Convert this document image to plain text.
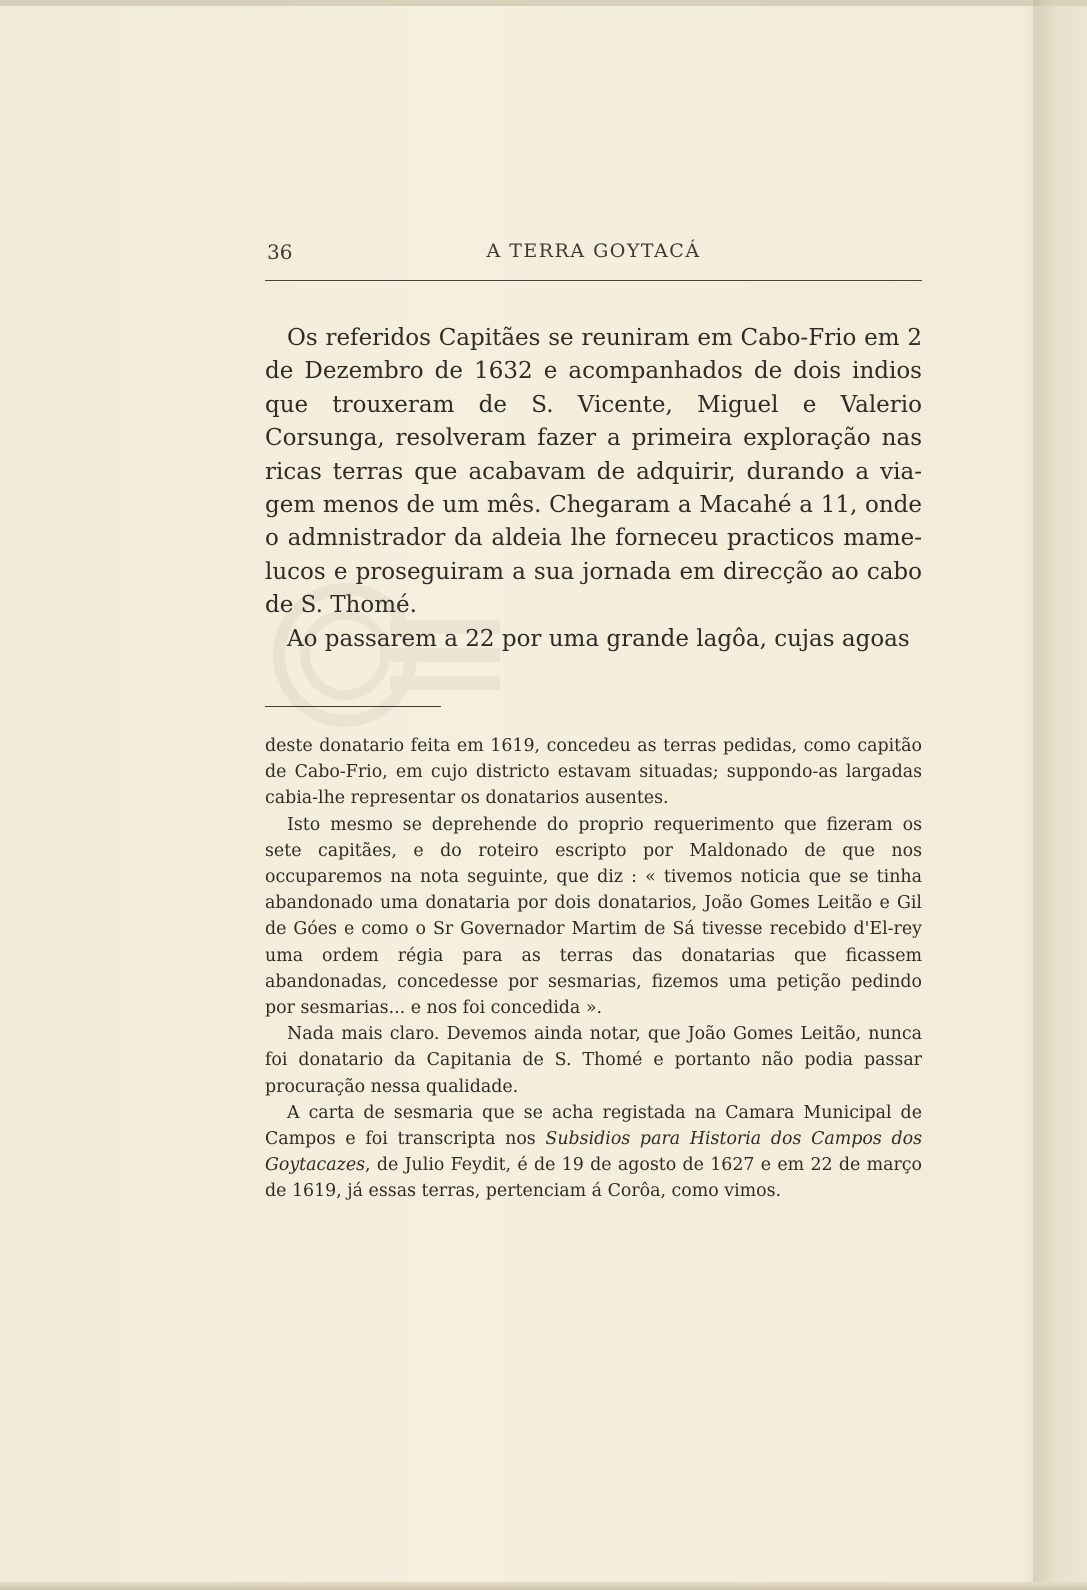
36	A TERRA GOYTACÁ

Os referidos Capitães se reuniram em Cabo-Frio em 2 de Dezembro de 1632 e acompanhados de dois indios que trouxeram de S. Vicente, Miguel e Valerio Corsunga, resolveram fazer a primeira exploração nas ricas terras que acabavam de adquirir, durando a viagem menos de um mês. Chegaram a Macahé a 11, onde o admnistrador da aldeia lhe forneceu practicos mamelucos e proseguiram a sua jornada em direcção ao cabo de S. Thomé.

Ao passarem a 22 por uma grande lagôa, cujas agoas

deste donatario feita em 1619, concedeu as terras pedidas, como capitão de Cabo-Frio, em cujo districto estavam situadas; suppondo-as largadas cabia-lhe representar os donatarios ausentes.

Isto mesmo se deprehende do proprio requerimento que fizeram os sete capitães, e do roteiro escripto por Maldonado de que nos occuparemos na nota seguinte, que diz : « tivemos noticia que se tinha abandonado uma donataria por dois donatarios, João Gomes Leitão e Gil de Góes e como o Sr Governador Martim de Sá tivesse recebido d'El-rey uma ordem régia para as terras das donatarias que ficassem abandonadas, concedesse por sesmarias, fizemos uma petição pedindo por sesmarias... e nos foi concedida ».

Nada mais claro. Devemos ainda notar, que João Gomes Leitão, nunca foi donatario da Capitania de S. Thomé e portanto não podia passar procuração nessa qualidade.

A carta de sesmaria que se acha registada na Camara Municipal de Campos e foi transcripta nos Subsidios para Historia dos Campos dos Goytacazes, de Julio Feydit, é de 19 de agosto de 1627 e em 22 de março de 1619, já essas terras, pertenciam á Corôa, como vimos.
